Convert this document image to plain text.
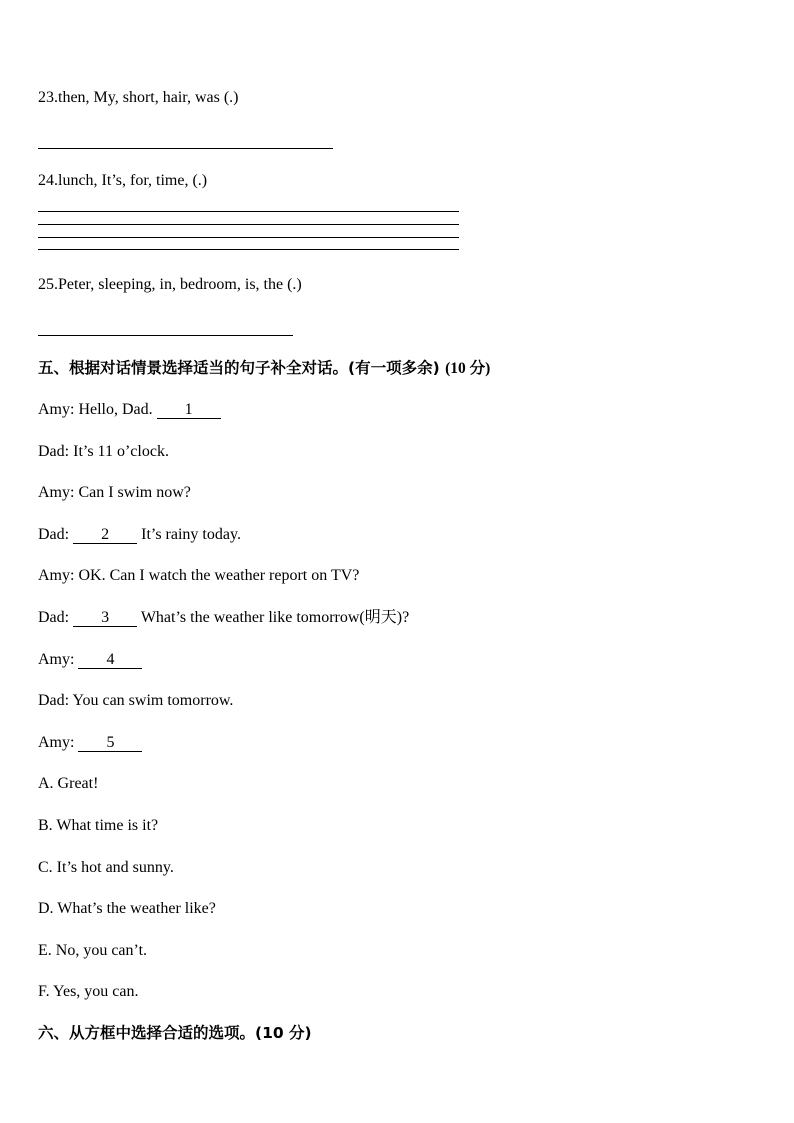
23.then, My, short, hair, was (.)
24.lunch, It’s, for, time, (.)
25.Peter, sleeping, in, bedroom, is, the (.)
五、根据对话情景选择适当的句子补全对话。(有一项多余) (10 分)
Amy: Hello, Dad. 1
Dad: It’s 11 o’clock.
Amy: Can I swim now?
Dad: 2 It’s rainy today.
Amy: OK. Can I watch the weather report on TV?
Dad: 3 What’s the weather like tomorrow(明天)?
Amy: 4
Dad: You can swim tomorrow.
Amy: 5
A. Great!
B. What time is it?
C. It’s hot and sunny.
D. What’s the weather like?
E. No, you can’t.
F. Yes, you can.
六、从方框中选择合适的选项。(10 分)
